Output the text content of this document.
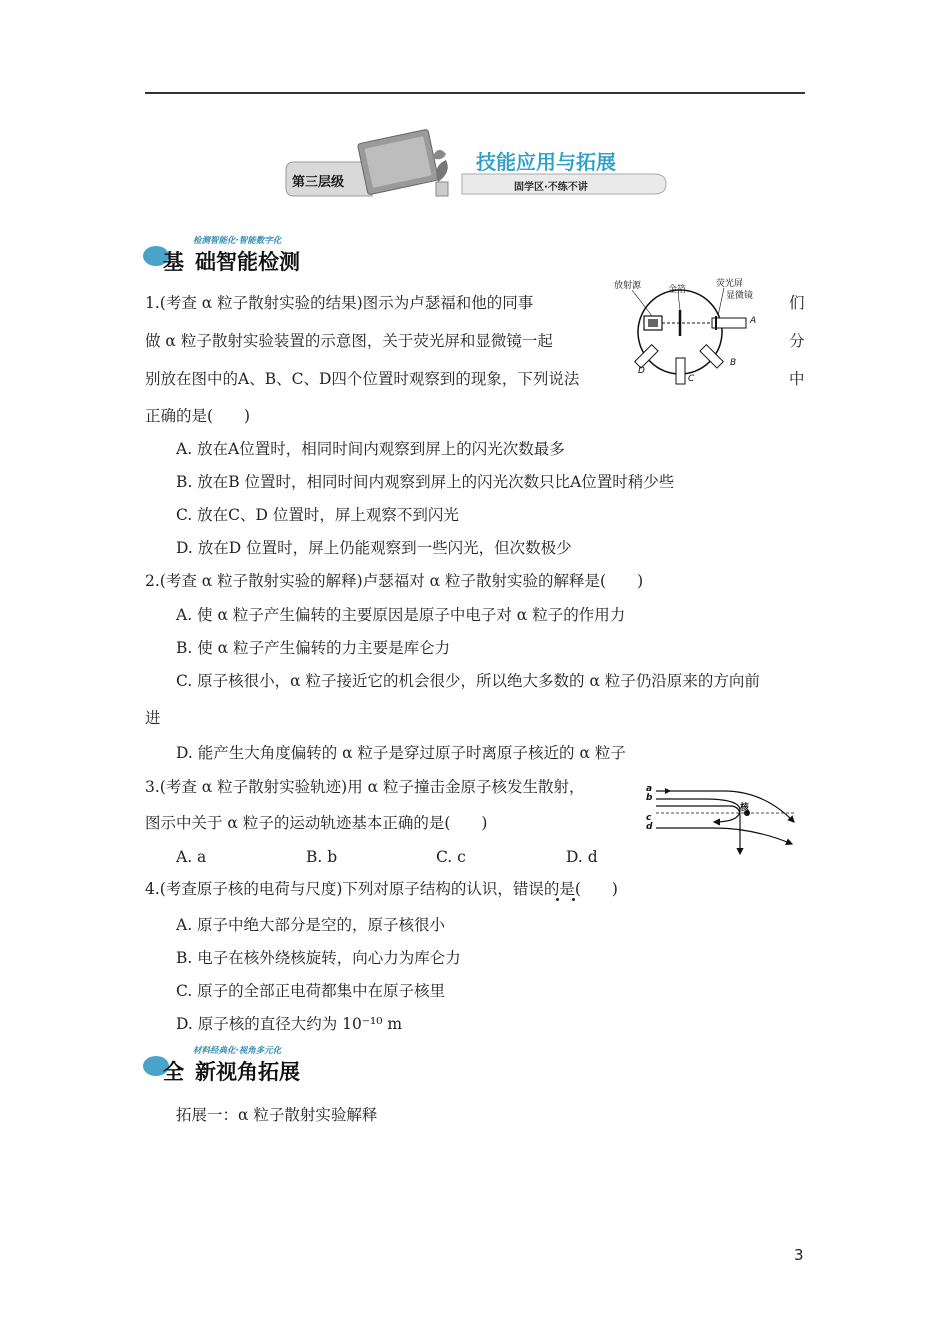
第三层级
技能应用与拓展
固学区·不练不讲
检测智能化·智能数字化
基 础智能检测
1.(考查 α 粒子散射实验的结果)图示为卢瑟福和他的同事	们
做 α 粒子散射实验装置的示意图，关于荧光屏和显微镜一起	分
别放在图中的A、B、C、D四个位置时观察到的现象，下列说法	中
正确的是(　　)
A. 放在A位置时，相同时间内观察到屏上的闪光次数最多
B. 放在B 位置时，相同时间内观察到屏上的闪光次数只比A位置时稍少些
C. 放在C、D 位置时，屏上观察不到闪光
D. 放在D 位置时，屏上仍能观察到一些闪光，但次数极少
放射源	金箔
荧光屏
显微镜
A
B
C
D
2.(考查 α 粒子散射实验的解释)卢瑟福对 α 粒子散射实验的解释是(　　)
A. 使 α 粒子产生偏转的主要原因是原子中电子对 α 粒子的作用力
B. 使 α 粒子产生偏转的力主要是库仑力
C. 原子核很小，α 粒子接近它的机会很少，所以绝大多数的 α 粒子仍沿原来的方向前
进
D. 能产生大角度偏转的 α 粒子是穿过原子时离原子核近的 α 粒子
3.(考查 α 粒子散射实验轨迹)用 α 粒子撞击金原子核发生散射，
图示中关于 α 粒子的运动轨迹基本正确的是(　　)
A. a	B. b	C. c	D. d
a
b
c
d
核
4.(考查原子核的电荷与尺度)下列对原子结构的认识，错误的是(　　)
A. 原子中绝大部分是空的，原子核很小
B. 电子在核外绕核旋转，向心力为库仑力
C. 原子的全部正电荷都集中在原子核里
D. 原子核的直径大约为 10⁻¹⁰ m
材料经典化·视角多元化
全 新视角拓展
拓展一：α 粒子散射实验解释
3
